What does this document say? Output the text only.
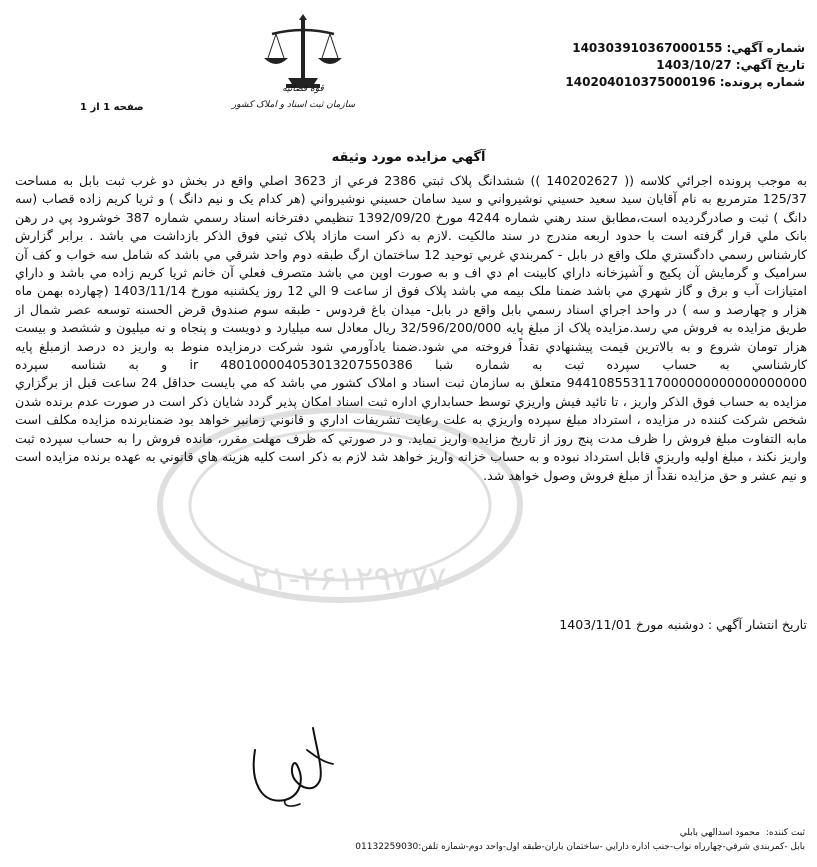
شماره آگهي:140303910367000155
تاريخ آگهي:1403/10/27
شماره پرونده:140204010375000196
صفحه 1 از 1
قوه قضائيه
سازمان ثبت اسناد و املاک کشور
آگهي مزايده مورد وثيقه
۰۲۱-۲۶۱۲۹۷۷۷

به موجب پرونده اجرائي کلاسه (( 140202627 )) ششدانگ پلاک ثبتي 2386 فرعي از 3623 اصلي واقع در بخش دو غرب ثبت بابل به مساحت 125/37 مترمربع به نام آقايان سيد سعيد حسيني نوشيرواني و سيد سامان حسيني نوشيرواني (هر کدام يک و نيم دانگ ) و ثريا کريم زاده قصاب (سه دانگ ) ثبت و صادرگرديده است،مطابق سند رهني شماره 4244 مورخ 1392/09/20 تنظيمي دفترخانه اسناد رسمي شماره 387 خوشرود پي در رهن بانک ملي قرار گرفته است با حدود اربعه مندرج در سند مالکيت .لازم به ذکر است مازاد پلاک ثبتي فوق الذکر بازداشت مي باشد . برابر گزارش کارشناس رسمي دادگستري ملک واقع در بابل - کمربندي غربي توحيد 12 ساختمان ارگ طبقه دوم واحد شرقي مي باشد که شامل سه خواب و کف آن سراميک و گرمايش آن پکيج و آشپزخانه داراي کابينت ام دي اف و به صورت اوپن مي باشد متصرف فعلي آن خانم ثريا کريم زاده مي باشد و داراي امتيازات آب و برق و گاز شهري مي باشد ضمنا ملک بيمه مي باشد پلاک فوق از ساعت 9 الي 12 روز يکشنبه مورخ 1403/11/14 (چهارده بهمن ماه هزار و چهارصد و سه ) در واحد اجراي اسناد رسمي بابل واقع در بابل- ميدان باغ فردوس - طبقه سوم صندوق قرض الحسنه توسعه عصر شمال از طريق مزايده به فروش مي رسد.مزايده پلاک از مبلغ پايه 32/596/200/000 ريال معادل سه ميليارد و دويست و پنجاه و نه ميليون و ششصد و بيست هزار تومان شروع و به بالاترين قيمت پيشنهادي نقداً فروخته مي شود.ضمنا يادآورمي شود شرکت درمزايده منوط به واريز ده درصد ازمبلغ پايه کارشناسي به حساب سپرده ثبت به شماره شبا ir 480100004053013207550386 و به شناسه سپرده 944108553117000000000000000000 متعلق به سازمان ثبت اسناد و املاک کشور مي باشد که مي بايست حداقل 24 ساعت قبل از برگزاري مزايده به حساب فوق الذکر واريز ، تا تائيد فيش واريزي توسط حسابداري اداره ثبت اسناد امکان پذير گردد شايان ذکر است در صورت عدم برنده شدن شخص شرکت کننده در مزايده ، استرداد مبلغ سپرده واريزي به علت رعايت تشريفات اداري و قانوني زمانبر خواهد بود ضمنابرنده مزايده مکلف است مابه التفاوت مبلغ فروش را ظرف مدت پنج روز از تاريخ مزايده واريز نمايد. و در صورتي که ظرف مهلت مقرر، مانده فروش را به حساب سپرده ثبت واريز نکند ، مبلغ اوليه واريزي قابل استرداد نبوده و به حساب خزانه واريز خواهد شد لازم به ذکر است کليه هزينه هاي قانوني به عهده برنده مزايده است و نيم عشر و حق مزايده نقداً از مبلغ فروش وصول خواهد شد.

تاريخ انتشار آگهي : دوشنبه مورخ 1403/11/01
ثبت کننده:محمود اسدالهي بابلي
بابل -کمربندي شرقي-چهارراه نواب-جنب اداره دارايي -ساختمان باران-طبقه اول-واحد دوم-شماره تلفن:01132259030
